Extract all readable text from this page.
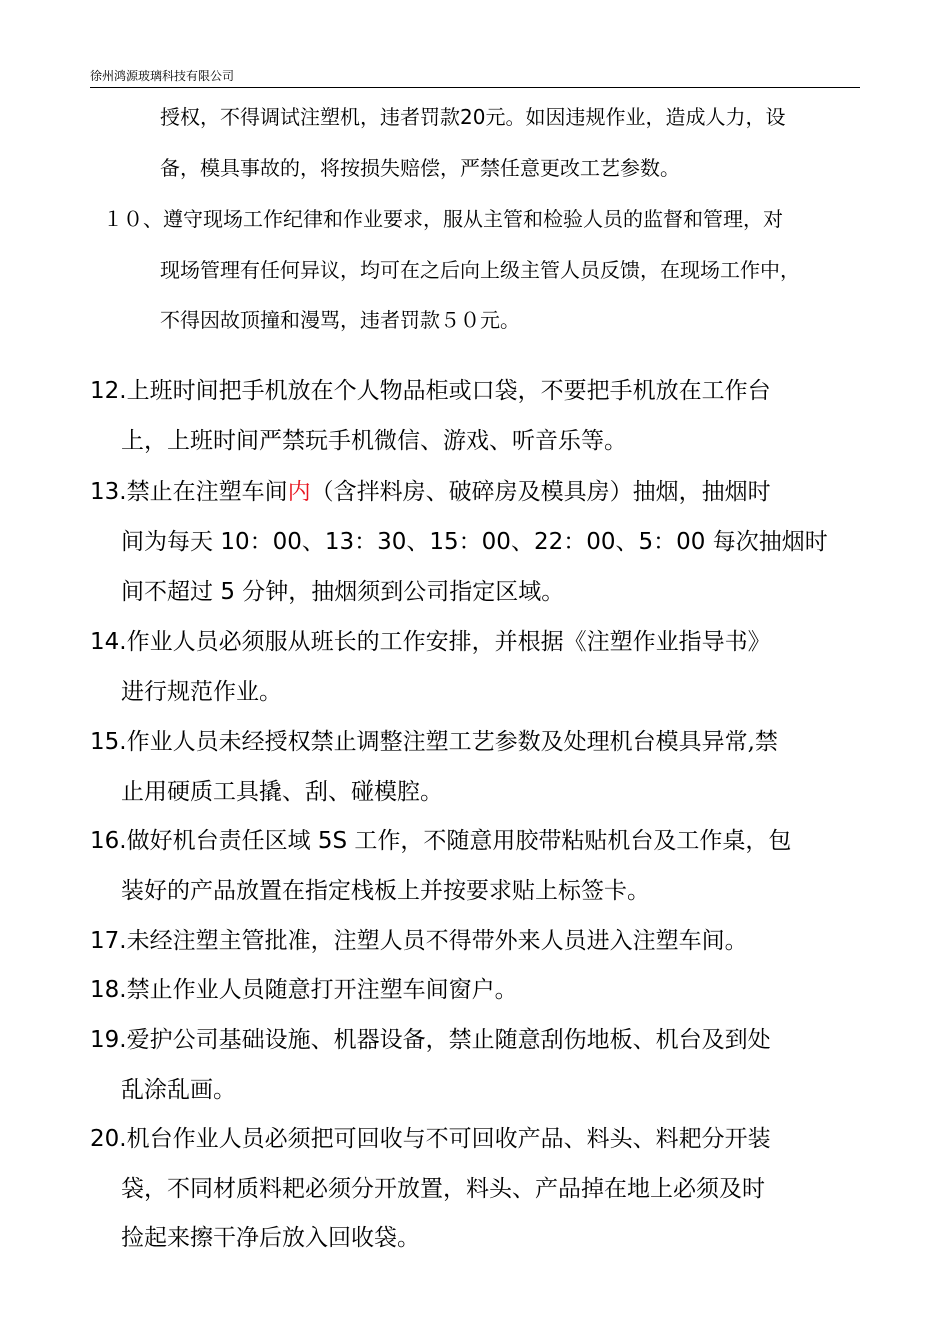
徐州鸿源玻璃科技有限公司
授权，不得调试注塑机，违者罚款20元。如因违规作业，造成人力，设
备，模具事故的，将按损失赔偿，严禁任意更改工艺参数。
１０、遵守现场工作纪律和作业要求，服从主管和检验人员的监督和管理，对
现场管理有任何异议，均可在之后向上级主管人员反馈，在现场工作中，
不得因故顶撞和漫骂，违者罚款５０元。
12.上班时间把手机放在个人物品柜或口袋，不要把手机放在工作台
上，上班时间严禁玩手机微信、游戏、听音乐等。
13.禁止在注塑车间内（含拌料房、破碎房及模具房）抽烟，抽烟时
间为每天 10：00、13：30、15：00、22：00、5：00 每次抽烟时
间不超过 5 分钟，抽烟须到公司指定区域。
14.作业人员必须服从班长的工作安排，并根据《注塑作业指导书》
进行规范作业。
15.作业人员未经授权禁止调整注塑工艺参数及处理机台模具异常,禁
止用硬质工具撬、刮、碰模腔。
16.做好机台责任区域 5S 工作，不随意用胶带粘贴机台及工作桌，包
装好的产品放置在指定栈板上并按要求贴上标签卡。
17.未经注塑主管批准，注塑人员不得带外来人员进入注塑车间。
18.禁止作业人员随意打开注塑车间窗户。
19.爱护公司基础设施、机器设备，禁止随意刮伤地板、机台及到处
乱涂乱画。
20.机台作业人员必须把可回收与不可回收产品、料头、料耙分开装
袋，不同材质料耙必须分开放置，料头、产品掉在地上必须及时
捡起来擦干净后放入回收袋。
